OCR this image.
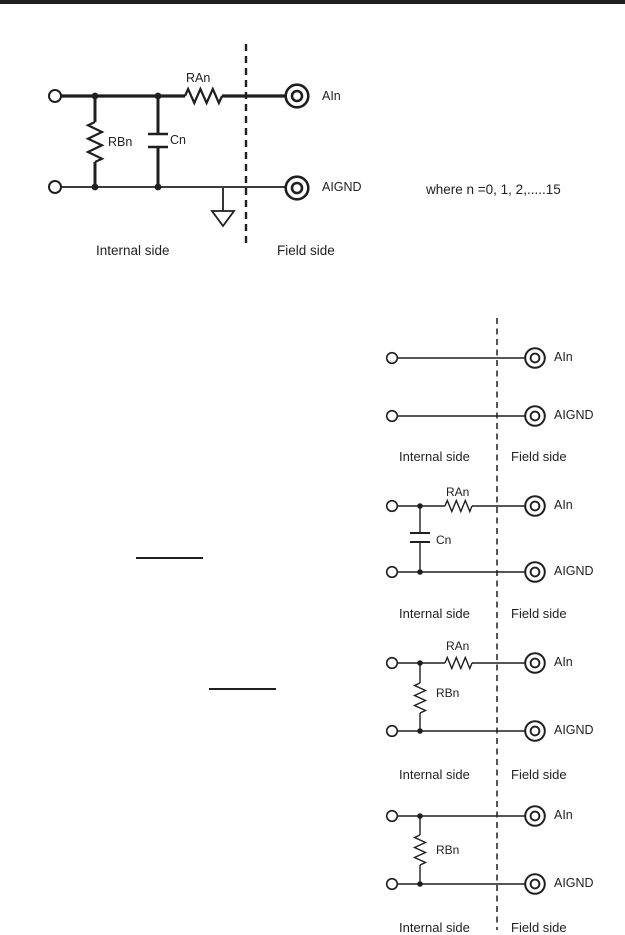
RAn
RBn	Cn
AIn
AIGND
Internal side	Field side
where n =0, 1, 2,.....15
AIn
AIGND
Internal side	Field side
RAn
Cn
AIn
AIGND
Internal side	Field side
RAn
RBn
AIn
AIGND
Internal side	Field side
RBn
AIn
AIGND
Internal side	Field side
